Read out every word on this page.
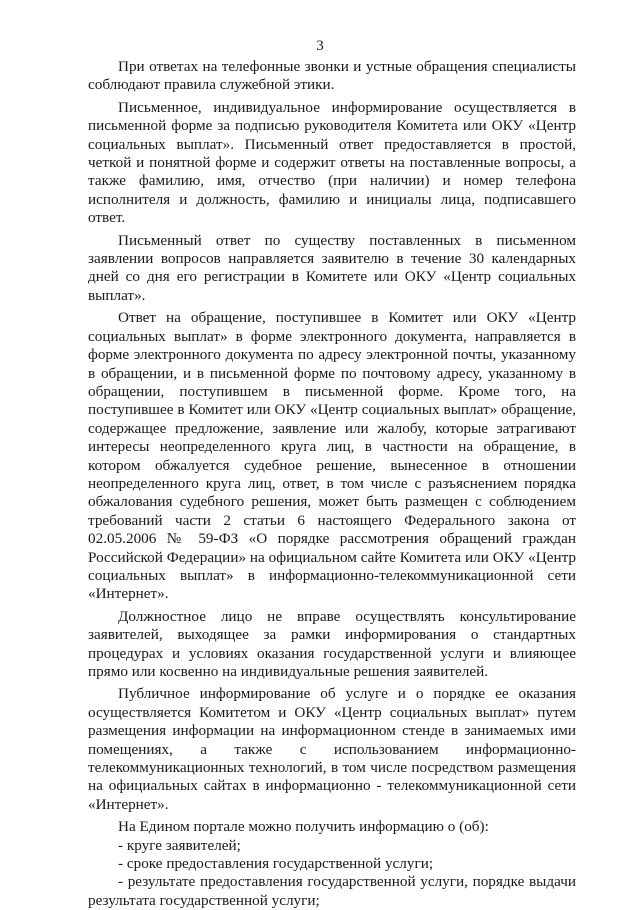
3

При ответах на телефонные звонки и устные обращения специалисты соблюдают правила служебной этики.

Письменное, индивидуальное информирование осуществляется в письменной форме за подписью руководителя Комитета или ОКУ «Центр социальных выплат». Письменный ответ предоставляется в простой, четкой и понятной форме и содержит ответы на поставленные вопросы, а также фамилию, имя, отчество (при наличии) и номер телефона исполнителя и должность, фамилию и инициалы лица, подписавшего ответ.

Письменный ответ по существу поставленных в письменном заявлении вопросов направляется заявителю в течение 30 календарных дней со дня его регистрации в Комитете или ОКУ «Центр социальных выплат».

Ответ на обращение, поступившее в Комитет или ОКУ «Центр социальных выплат» в форме электронного документа, направляется в форме электронного документа по адресу электронной почты, указанному в обращении, и в письменной форме по почтовому адресу, указанному в обращении, поступившем в письменной форме. Кроме того, на поступившее в Комитет или ОКУ «Центр социальных выплат» обращение, содержащее предложение, заявление или жалобу, которые затрагивают интересы неопределенного круга лиц, в частности на обращение, в котором обжалуется судебное решение, вынесенное в отношении неопределенного круга лиц, ответ, в том числе с разъяснением порядка обжалования судебного решения, может быть размещен с соблюдением требований части 2 статьи 6 настоящего Федерального закона от 02.05.2006 № 59-ФЗ «О порядке рассмотрения обращений граждан Российской Федерации» на официальном сайте Комитета или ОКУ «Центр социальных выплат» в информационно-телекоммуникационной сети «Интернет».

Должностное лицо не вправе осуществлять консультирование заявителей, выходящее за рамки информирования о стандартных процедурах и условиях оказания государственной услуги и влияющее прямо или косвенно на индивидуальные решения заявителей.

Публичное информирование об услуге и о порядке ее оказания осуществляется Комитетом и ОКУ «Центр социальных выплат» путем размещения информации на информационном стенде в занимаемых ими помещениях, а также с использованием информационно-телекоммуникационных технологий, в том числе посредством размещения на официальных сайтах в информационно - телекоммуникационной сети «Интернет».

На Едином портале можно получить информацию о (об):

- круге заявителей;

- сроке предоставления государственной услуги;

- результате предоставления государственной услуги, порядке выдачи результата государственной услуги;
